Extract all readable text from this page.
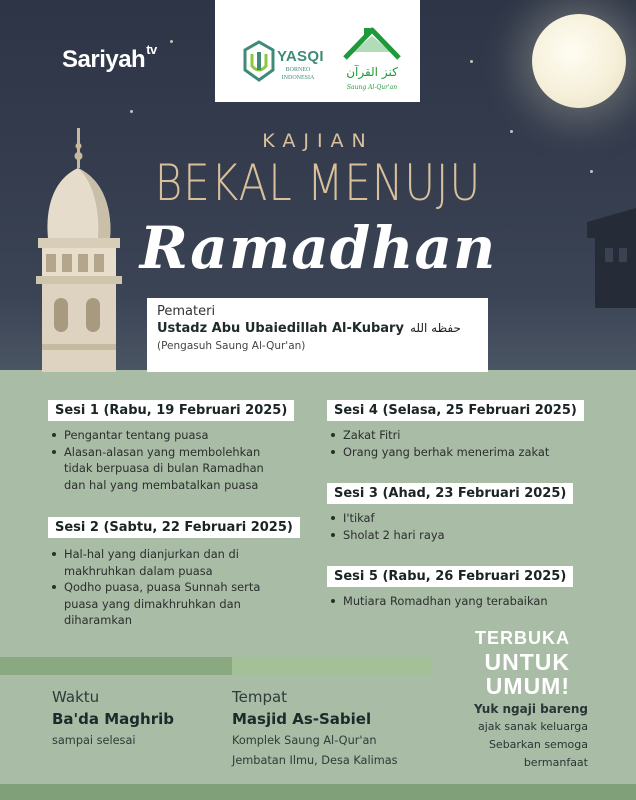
Sariyah$^{tv}$	YASQI
BORNEO INDONESIA	كنز القرآن
Saung Al-Qur'an
KAJIAN
BEKAL MENUJU
Ramadhan
Pemateri
Ustadz Abu Ubaiedillah Al-Kubary حفظه الله
(Pengasuh Saung Al-Qur'an)
Sesi 1 (Rabu, 19 Februari 2025)
Pengantar tentang puasa
Alasan-alasan yang membolehkan
tidak berpuasa di bulan Ramadhan
dan hal yang membatalkan puasa
Sesi 2 (Sabtu, 22 Februari 2025)
Hal-hal yang dianjurkan dan di
makhruhkan dalam puasa
Qodho puasa, puasa Sunnah serta
puasa yang dimakhruhkan dan
diharamkan
Sesi 4 (Selasa, 25 Februari 2025)
Zakat Fitri
Orang yang berhak menerima zakat
Sesi 3 (Ahad, 23 Februari 2025)
I'tikaf
Sholat 2 hari raya
Sesi 5 (Rabu, 26 Februari 2025)
Mutiara Romadhan yang terabaikan
Waktu
Ba'da Maghrib
sampai selesai
Tempat
Masjid As-Sabiel
Komplek Saung Al-Qur'an
Jembatan Ilmu, Desa Kalimas
TERBUKA
UNTUK
UMUM!
Yuk ngaji bareng
ajak sanak keluarga
Sebarkan semoga
bermanfaat
